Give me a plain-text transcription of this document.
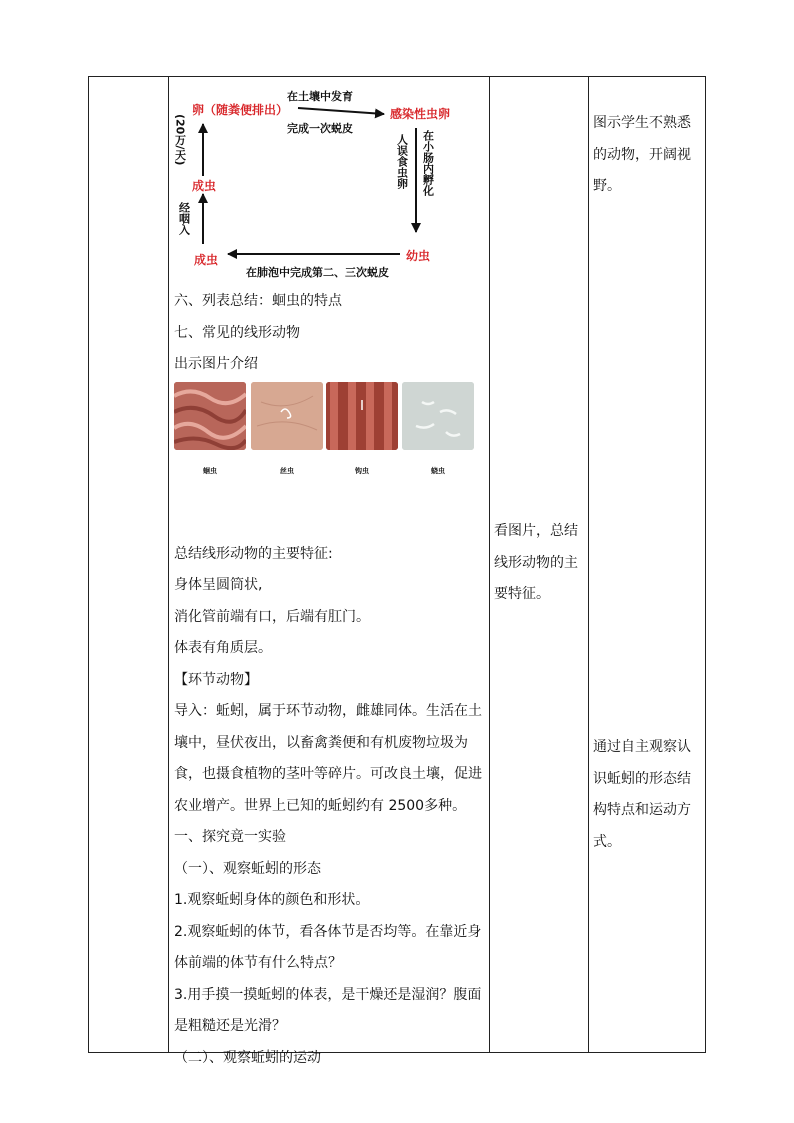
卵（随粪便排出）
在土壤中发育
完成一次蜕皮
感染性虫卵
人误食虫卵 在小肠内孵化
幼虫
在肺泡中完成第二、三次蜕皮
成虫
经咽入
成虫
(20万/天)

六、列表总结：蛔虫的特点

七、常见的线形动物

出示图片介绍

总结线形动物的主要特征:

身体呈圆筒状,

消化管前端有口，后端有肛门。

体表有角质层。

【环节动物】

导入：蚯蚓，属于环节动物，雌雄同体。生活在土壤中，昼伏夜出，以畜禽粪便和有机废物垃圾为食，也摄食植物的茎叶等碎片。可改良土壤，促进农业增产。世界上已知的蚯蚓约有 2500多种。

一、探究竟一实验

（一）、观察蚯蚓的形态

1.观察蚯蚓身体的颜色和形状。

2.观察蚯蚓的体节，看各体节是否均等。在靠近身体前端的体节有什么特点？

3.用手摸一摸蚯蚓的体表，是干燥还是湿润？腹面是粗糙还是光滑？

（二）、观察蚯蚓的运动

蛔虫	丝虫	钩虫	蛲虫
看图片，总结线形动物的主要特征。
图示学生不熟悉的动物，开阔视野。
通过自主观察认识蚯蚓的形态结构特点和运动方式。
